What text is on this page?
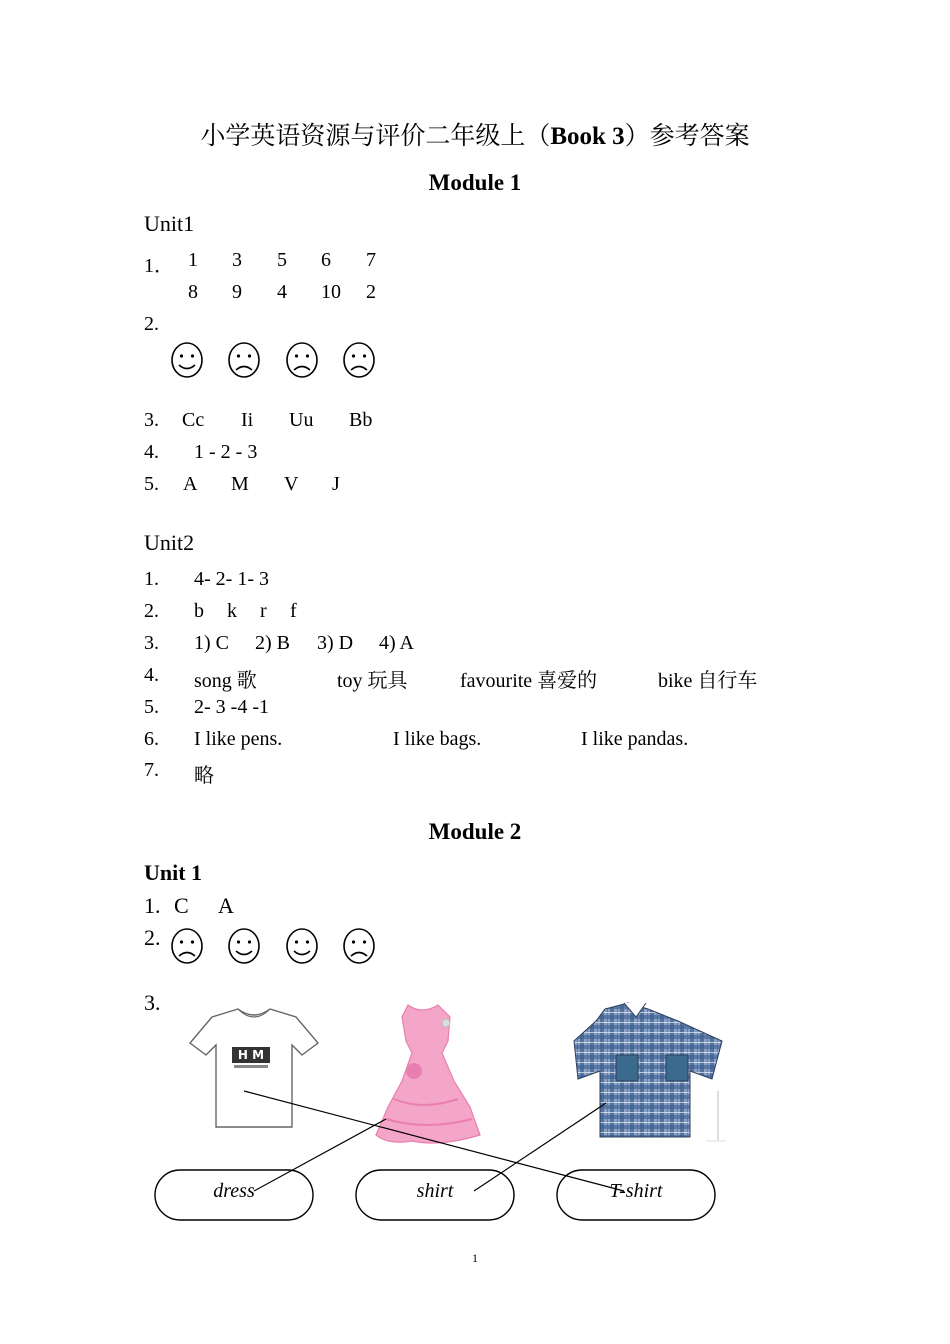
小学英语资源与评价二年级上（Book 3）参考答案
Module 1
Unit1
1． 1 3 5 6 7
8 9 4 10 2
2.
3. Cc Ii Uu Bb
4. 1 - 2 - 3
5. A M V J
Unit2
1. 4- 2- 1- 3
2. b k r f
3. 1) C 2) B 3) D 4) A
4. song 歌	toy 玩具	favourite 喜爱的	bike 自行车
5. 2- 3 -4 -1
6. I like pens.	I like bags.	I like pandas.
7. 略
Module 2
Unit 1
1. C A
2.
3.
H M
dress	shirt	T-shirt
1
